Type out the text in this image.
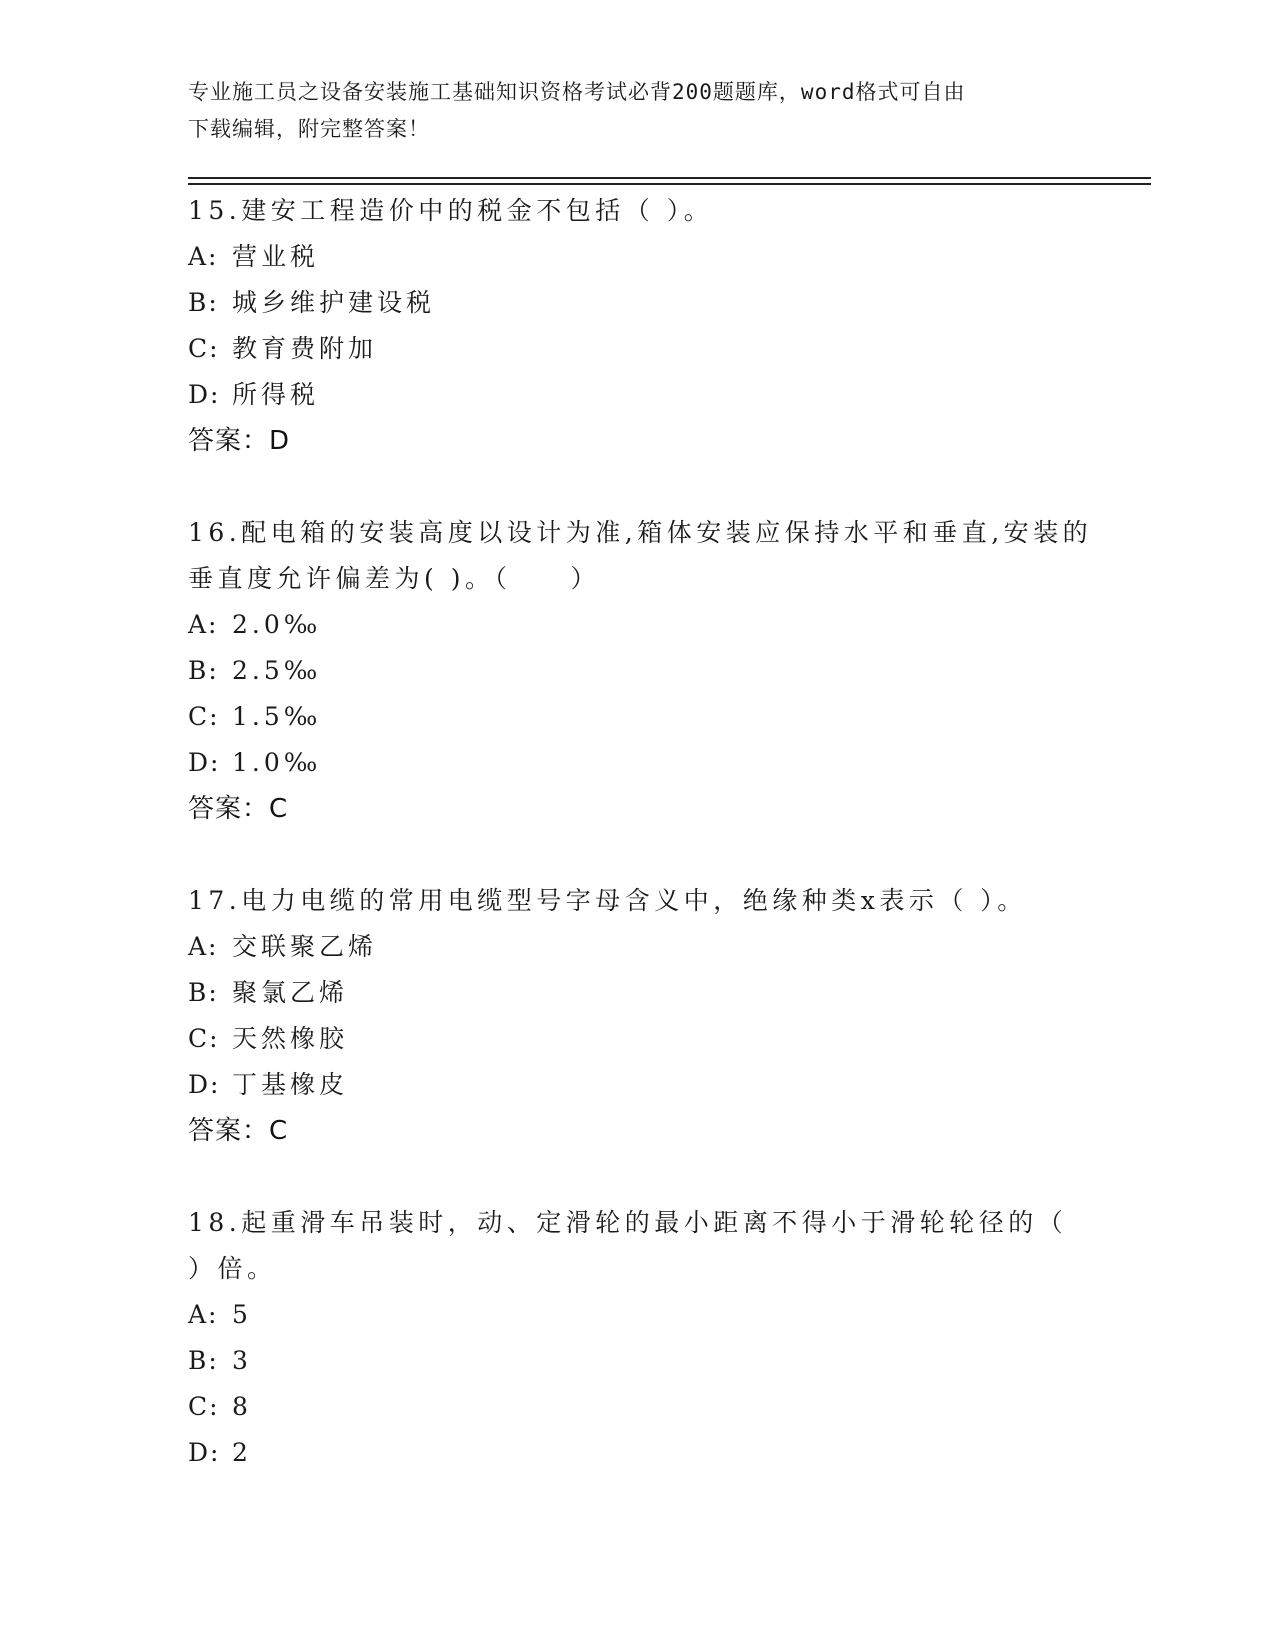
专业施工员之设备安装施工基础知识资格考试必背200题题库，word格式可自由
下载编辑，附完整答案！
15.建安工程造价中的税金不包括（ ）。
A: 营业税
B: 城乡维护建设税
C: 教育费附加
D: 所得税
答案：D
16.配电箱的安装高度以设计为准,箱体安装应保持水平和垂直,安装的
垂直度允许偏差为( )。（　　）
A: 2.0‰
B: 2.5‰
C: 1.5‰
D: 1.0‰
答案：C
17.电力电缆的常用电缆型号字母含义中，绝缘种类x表示（ ）。
A: 交联聚乙烯
B: 聚氯乙烯
C: 天然橡胶
D: 丁基橡皮
答案：C
18.起重滑车吊装时，动、定滑轮的最小距离不得小于滑轮轮径的（
）倍。
A: 5
B: 3
C: 8
D: 2
